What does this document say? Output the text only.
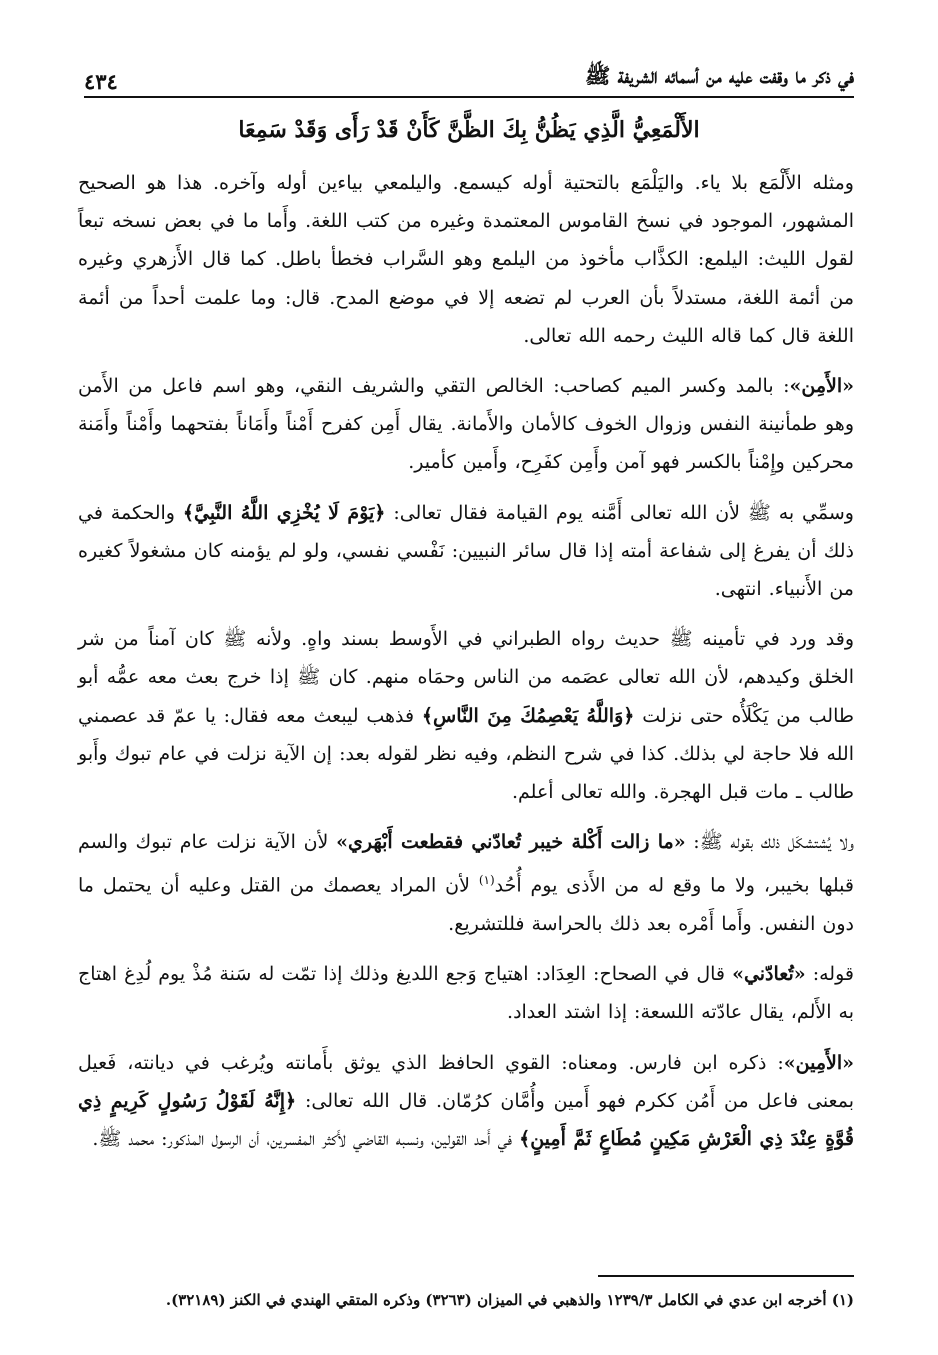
في ذكر ما وقفت عليه من أسمائه الشريفة ﷺ
٤٣٤
الأَلْمَعِيُّ الَّذِي يَظُنُّ بِكَ الظَّنَّ كَأَنْ قَدْ رَأَى وَقَدْ سَمِعَا

ومثله الأَلْمَع بلا ياء. واليَلْمَع بالتحتية أوله كيسمع. واليلمعي بياءين أوله وآخره. هذا هو الصحيح المشهور، الموجود في نسخ القاموس المعتمدة وغيره من كتب اللغة. وأَما ما في بعض نسخه تبعاً لقول الليث: اليلمع: الكذَّاب مأخوذ من اليلمع وهو السَّراب فخطأ باطل. كما قال الأَزهري وغيره من أئمة اللغة، مستدلاً بأن العرب لم تضعه إلا في موضع المدح. قال: وما علمت أحداً من أئمة اللغة قال كما قاله الليث رحمه الله تعالى.

«الأَمِن»: بالمد وكسر الميم كصاحب: الخالص التقي والشريف النقي، وهو اسم فاعل من الأَمن وهو طمأنينة النفس وزوال الخوف كالأمان والأَمانة. يقال أَمِن كفرح أَمْناً وأَمَاناً بفتحهما وأَمْناً وأَمَنة محركين وإِمْناً بالكسر فهو آمن وأَمِن كفَرِح، وأَمين كأمير.

وسمِّي به ﷺ لأن الله تعالى أَمَّنه يوم القيامة فقال تعالى: ﴿يَوْمَ لَا يُخْزِي اللَّهُ النَّبِيَّ﴾ والحكمة في ذلك أن يفرغ إلى شفاعة أمته إذا قال سائر النبيين: نَفْسي نفسي، ولو لم يؤمنه كان مشغولاً كغيره من الأَنبياء. انتهى.

وقد ورد في تأمينه ﷺ حديث رواه الطبراني في الأَوسط بسند واهٍ. ولأنه ﷺ كان آمناً من شر الخلق وكيدهم، لأن الله تعالى عصَمه من الناس وحمَاه منهم. كان ﷺ إذا خرج بعث معه عمُّه أبو طالب من يَكْلَأُه حتى نزلت ﴿وَاللَّهُ يَعْصِمُكَ مِنَ النَّاسِ﴾ فذهب ليبعث معه فقال: يا عمّ قد عصمني الله فلا حاجة لي بذلك. كذا في شرح النظم، وفيه نظر لقوله بعد: إن الآية نزلت في عام تبوك وأَبو طالب ـ مات قبل الهجرة. والله تعالى أعلم.

ولا يُشتشكَل ذلك بقوله ﷺ: «ما زالت أَكْلة خيبر تُعادّني فقطعت أَبْهَري» لأن الآية نزلت عام تبوك والسم قبلها بخيبر، ولا ما وقع له من الأَذى يوم أُحُد$^{(١)}$ لأن المراد يعصمك من القتل وعليه أن يحتمل ما دون النفس. وأَما أَمْره بعد ذلك بالحراسة فللتشريع.

قوله: «تُعادّني» قال في الصحاح: العِدَاد: اهتياج وَجع اللديغ وذلك إذا تمّت له سَنة مُذْ يوم لُدِغ اهتاج به الأَلم، يقال عادّته اللسعة: إذا اشتد العداد.

«الأَمِين»: ذكره ابن فارس. ومعناه: القوي الحافظ الذي يوثق بأَمانته ويُرغب في ديانته، فَعيل بمعنى فاعل من أَمُن ككرم فهو أَمين وأُمَّان كرُمّان. قال الله تعالى: ﴿إِنَّهُ لَقَوْلُ رَسُولٍ كَرِيمٍ ذِي قُوَّةٍ عِنْدَ ذِي الْعَرْشِ مَكِينٍ مُطَاعٍ ثَمَّ أَمِينٍ﴾ في أَحد القولين، ونسبه القاضي لأَكثر المفسرين، أن الرسول المذكور: محمد ﷺ.

(١) أخرجه ابن عدي في الكامل ١٢٣٩/٣ والذهبي في الميزان (٣٢٦٣) وذكره المتقي الهندي في الكنز (٣٢١٨٩).
